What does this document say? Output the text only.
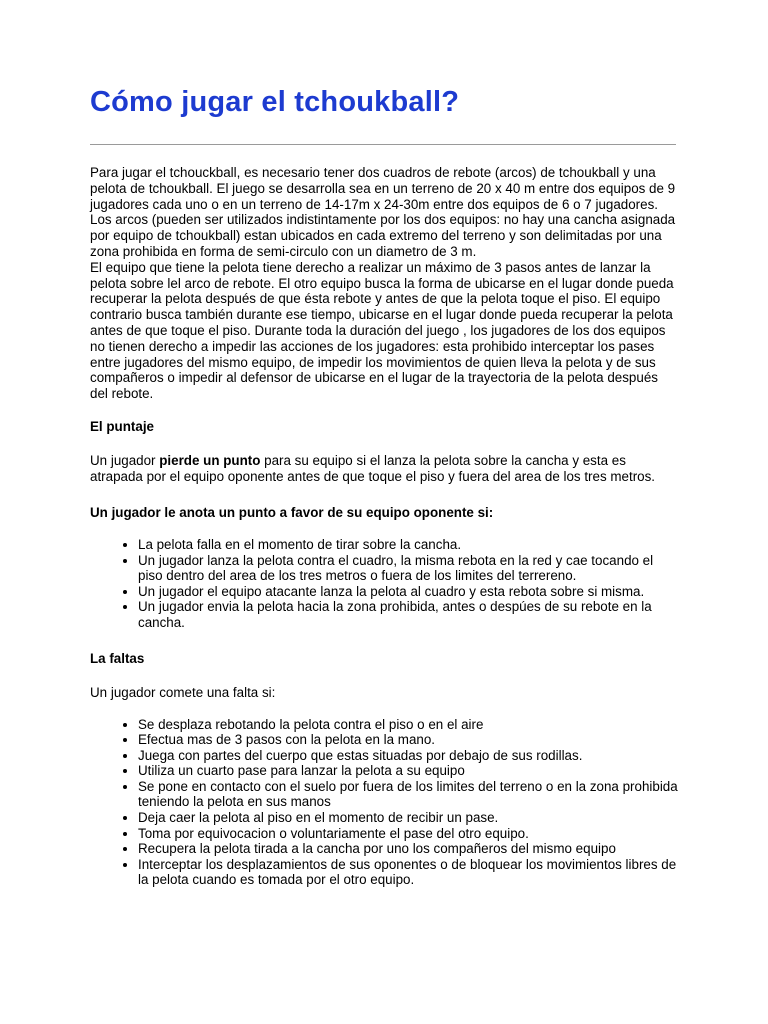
Cómo jugar el tchoukball?

Para jugar el tchouckball, es necesario tener dos cuadros de rebote (arcos) de tchoukball y una pelota de tchoukball. El juego se desarrolla sea en un terreno de 20 x 40 m entre dos equipos de 9 jugadores cada uno o en un terreno de 14-17m x 24-30m entre dos equipos de 6 o 7 jugadores. Los arcos (pueden ser utilizados indistintamente por los dos equipos: no hay una cancha asignada por equipo de tchoukball) estan ubicados en cada extremo del terreno y son delimitadas por una zona prohibida en forma de semi-circulo con un diametro de 3 m.

El equipo que tiene la pelota tiene derecho a realizar un máximo de 3 pasos antes de lanzar la pelota sobre lel arco de rebote. El otro equipo busca la forma de ubicarse en el lugar donde pueda recuperar la pelota después de que ésta rebote y antes de que la pelota toque el piso. El equipo contrario busca también durante ese tiempo, ubicarse en el lugar donde pueda recuperar la pelota antes de que toque el piso. Durante toda la duración del juego , los jugadores de los dos equipos no tienen derecho a impedir las acciones de los jugadores: esta prohibido interceptar los pases entre jugadores del mismo equipo, de impedir los movimientos de quien lleva la pelota y de sus compañeros o impedir al defensor de ubicarse en el lugar de la trayectoria de la pelota después del rebote.

El puntaje

Un jugador pierde un punto para su equipo si el lanza la pelota sobre la cancha y esta es atrapada por el equipo oponente antes de que toque el piso y fuera del area de los tres metros.

Un jugador le anota un punto a favor de su equipo oponente si:
• La pelota falla en el momento de tirar sobre la cancha.
• Un jugador lanza la pelota contra el cuadro, la misma rebota en la red y cae tocando el piso dentro del area de los tres metros o fuera de los limites del terrereno.
• Un jugador el equipo atacante lanza la pelota al cuadro y esta rebota sobre si misma.
• Un jugador envia la pelota hacia la zona prohibida, antes o despúes de su rebote en la cancha.
La faltas

Un jugador comete una falta si:

• Se desplaza rebotando la pelota contra el piso o en el aire
• Efectua mas de 3 pasos con la pelota en la mano.
• Juega con partes del cuerpo que estas situadas por debajo de sus rodillas.
• Utiliza un cuarto pase para lanzar la pelota a su equipo
• Se pone en contacto con el suelo por fuera de los limites del terreno o en la zona prohibida teniendo la pelota en sus manos
• Deja caer la pelota al piso en el momento de recibir un pase.
• Toma por equivocacion o voluntariamente el pase del otro equipo.
• Recupera la pelota tirada a la cancha por uno los compañeros del mismo equipo
• Interceptar los desplazamientos de sus oponentes o de bloquear los movimientos libres de la pelota cuando es tomada por el otro equipo.
